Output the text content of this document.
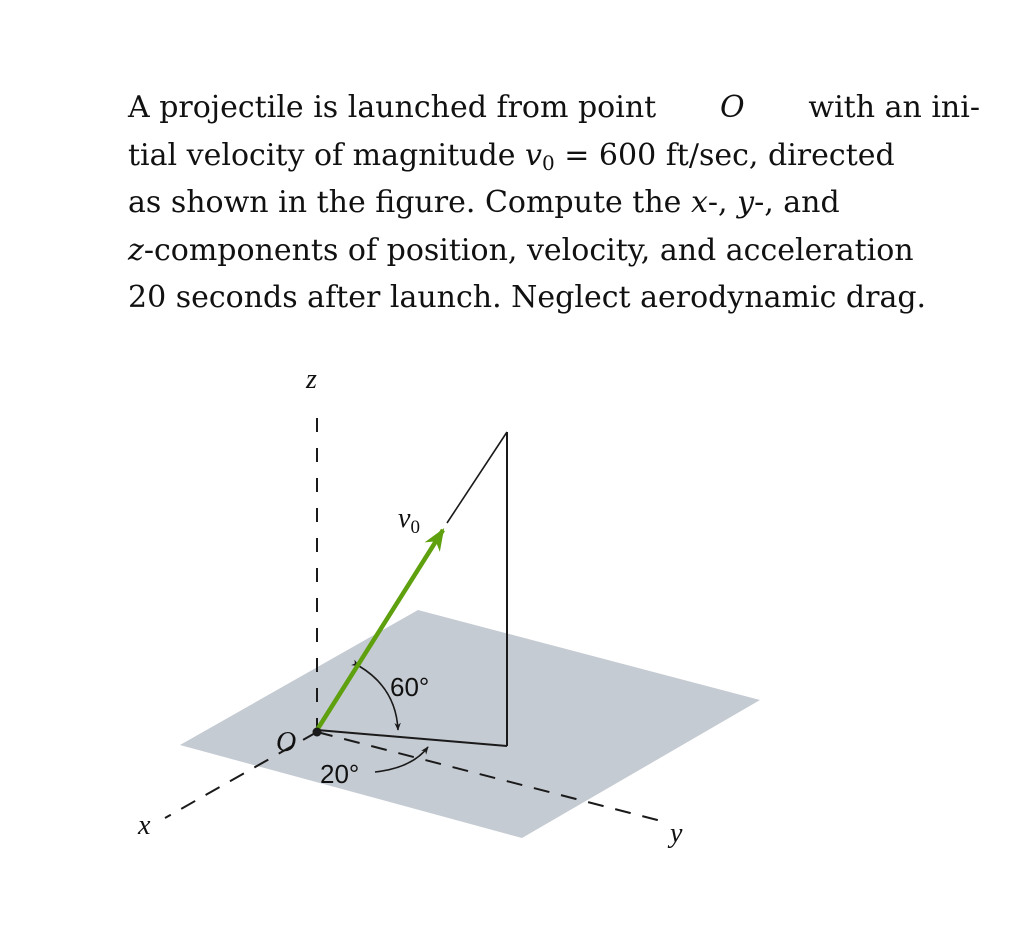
A projectile is launched from point O with an ini-
tial velocity of magnitude $v_0 = 600$ ft/sec, directed
as shown in the figure. Compute the x-, y-, and
z-components of position, velocity, and acceleration
20 seconds after launch. Neglect aerodynamic drag.
z
x	y
O
$v_0$
60°
20°
